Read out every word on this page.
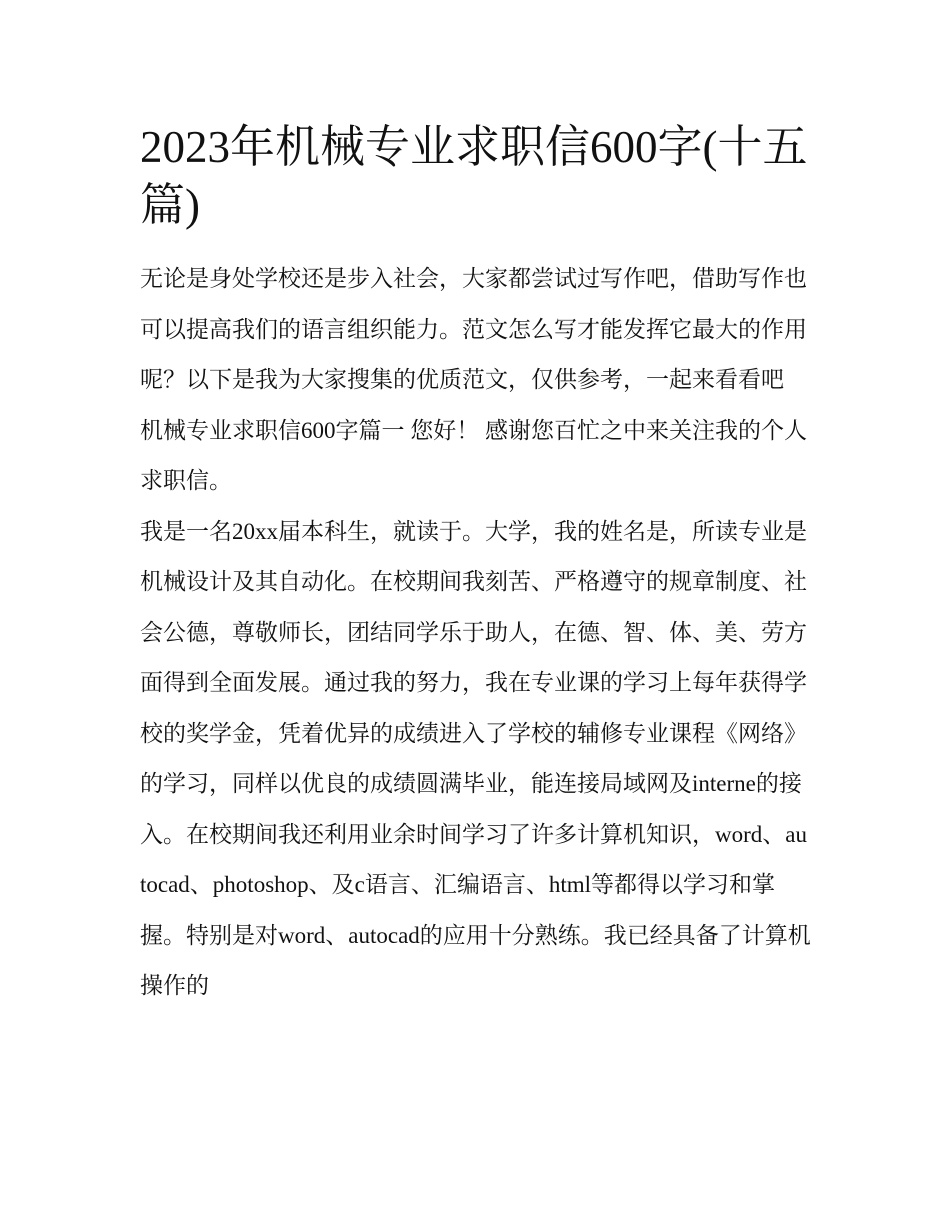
2023年机械专业求职信600字(十五篇)

无论是身处学校还是步入社会，大家都尝试过写作吧，借助写作也可以提高我们的语言组织能力。范文怎么写才能发挥它最大的作用呢？以下是我为大家搜集的优质范文，仅供参考，一起来看看吧

机械专业求职信600字篇一 您好！ 感谢您百忙之中来关注我的个人求职信。

我是一名20xx届本科生，就读于。大学，我的姓名是，所读专业是机械设计及其自动化。在校期间我刻苦、严格遵守的规章制度、社会公德，尊敬师长，团结同学乐于助人，在德、智、体、美、劳方面得到全面发展。通过我的努力，我在专业课的学习上每年获得学校的奖学金，凭着优异的成绩进入了学校的辅修专业课程《网络》的学习，同样以优良的成绩圆满毕业，能连接局域网及interne的接入。在校期间我还利用业余时间学习了许多计算机知识，word、autocad、photoshop、及c语言、汇编语言、html等都得以学习和掌握。特别是对word、autocad的应用十分熟练。我已经具备了计算机操作的
